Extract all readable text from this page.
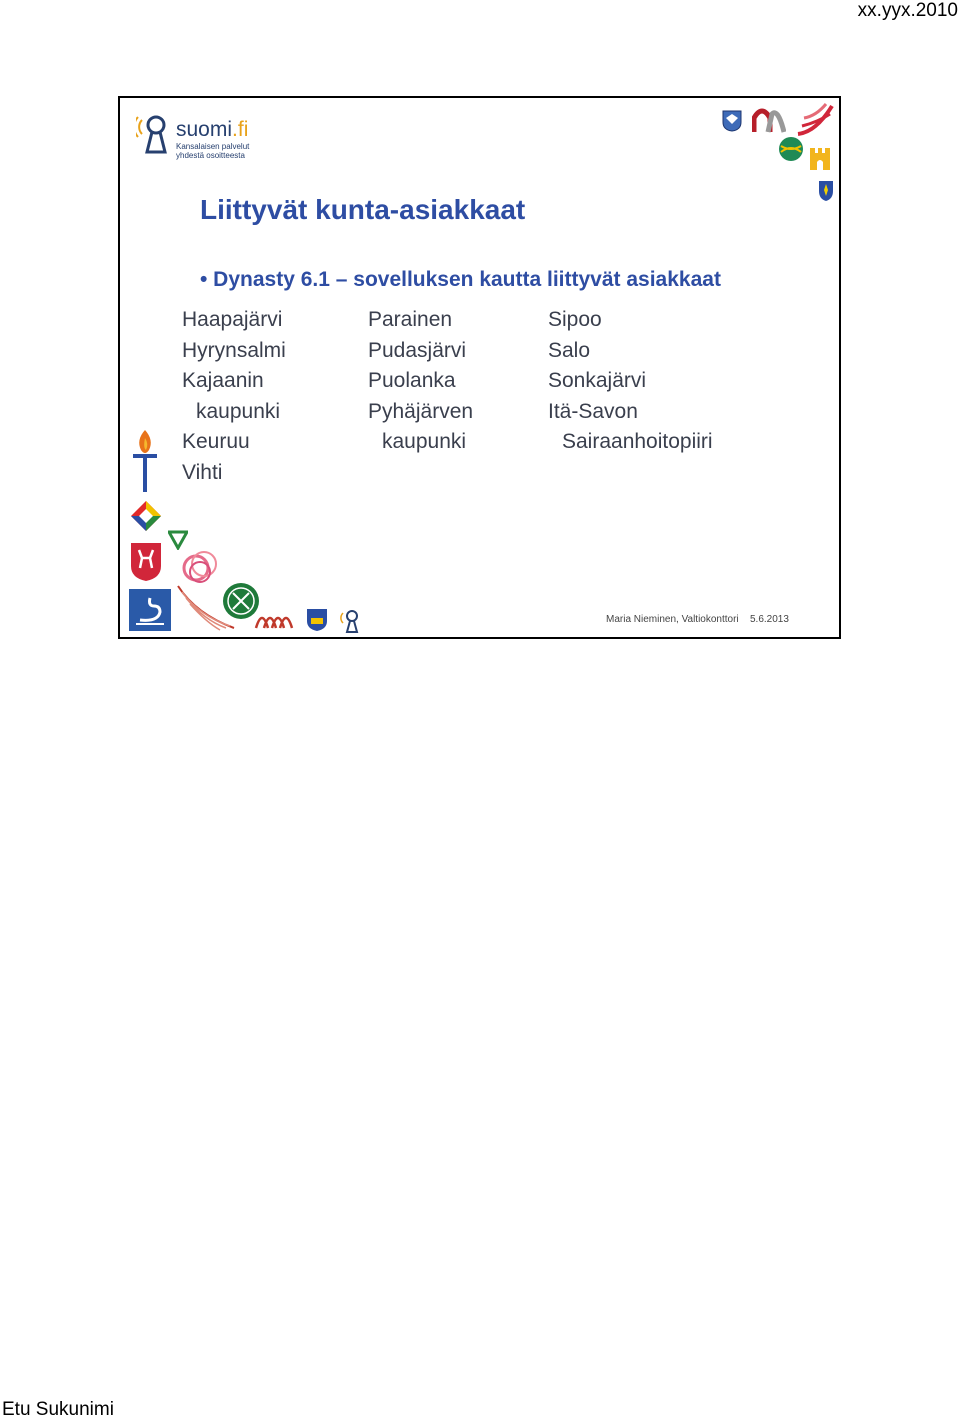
xx.yyx.2010
suomi.fi
Kansalaisen palvelut
yhdestä osoitteesta
Liittyvät kunta-asiakkaat
• Dynasty 6.1 – sovelluksen kautta liittyvät asiakkaat
Haapajärvi
Hyrynsalmi
Kajaanin
kaupunki
Keuruu
Vihti
Parainen
Pudasjärvi
Puolanka
Pyhäjärven
kaupunki
Sipoo
Salo
Sonkajärvi
Itä-Savon
Sairaanhoitopiiri
Maria Nieminen, Valtiokonttori 5.6.2013
Etu Sukunimi
